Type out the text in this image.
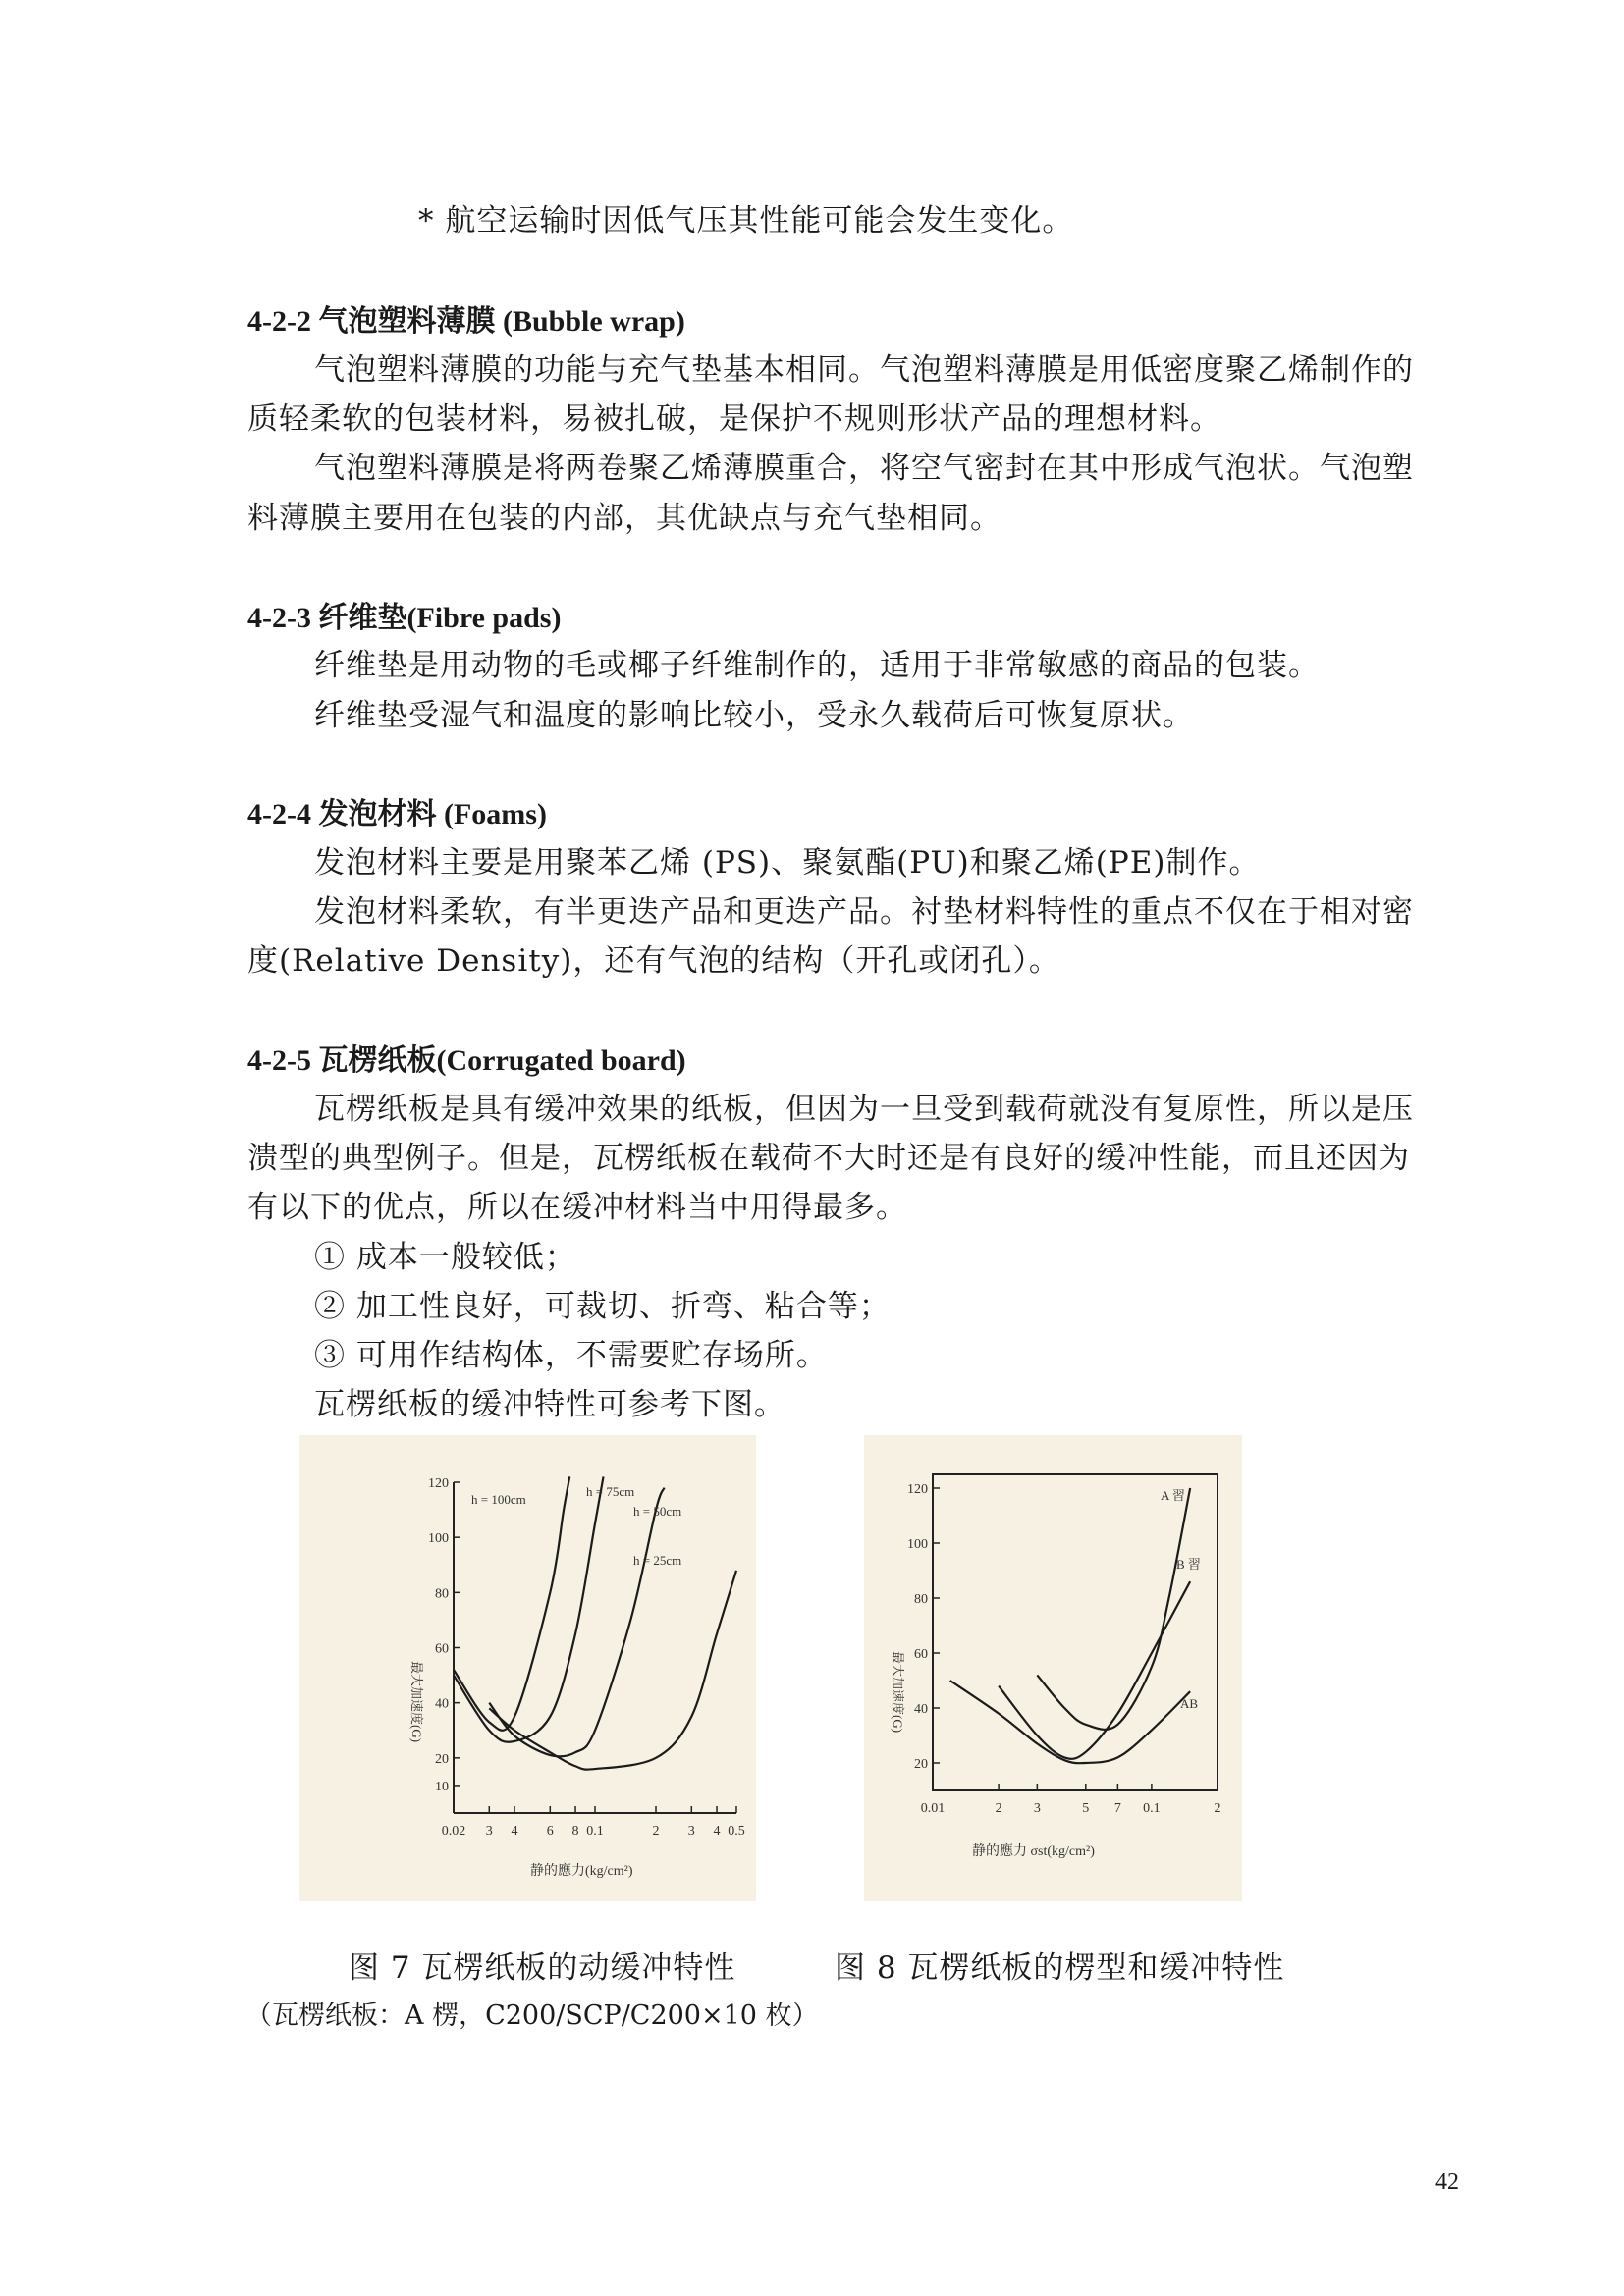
* 航空运输时因低气压其性能可能会发生变化。
4-2-2 气泡塑料薄膜 (Bubble wrap)
气泡塑料薄膜的功能与充气垫基本相同。气泡塑料薄膜是用低密度聚乙烯制作的
质轻柔软的包装材料，易被扎破，是保护不规则形状产品的理想材料。
气泡塑料薄膜是将两卷聚乙烯薄膜重合，将空气密封在其中形成气泡状。气泡塑
料薄膜主要用在包装的内部，其优缺点与充气垫相同。
4-2-3 纤维垫(Fibre pads)
纤维垫是用动物的毛或椰子纤维制作的，适用于非常敏感的商品的包装。
纤维垫受湿气和温度的影响比较小，受永久载荷后可恢复原状。
4-2-4 发泡材料 (Foams)
发泡材料主要是用聚苯乙烯 (PS)、聚氨酯(PU)和聚乙烯(PE)制作。
发泡材料柔软，有半更迭产品和更迭产品。衬垫材料特性的重点不仅在于相对密
度(Relative Density)，还有气泡的结构（开孔或闭孔）。
4-2-5 瓦楞纸板(Corrugated board)
瓦楞纸板是具有缓冲效果的纸板，但因为一旦受到载荷就没有复原性，所以是压
溃型的典型例子。但是，瓦楞纸板在载荷不大时还是有良好的缓冲性能，而且还因为
有以下的优点，所以在缓冲材料当中用得最多。
① 成本一般较低；
② 加工性良好，可裁切、折弯、粘合等；
③ 可用作结构体，不需要贮存场所。
瓦楞纸板的缓冲特性可参考下图。
120
100
80
60
40
20
10
0.02 3 4 6 8 0.1	2 3 4 0.5
h = 100cm
h = 75cm
h = 50cm
h = 25cm
最大加速度(G)
静的應力(kg/cm²)
120
100
80
60
40
20
0.01	2 3	5 7 0.1	2
A 習
B 習
AB
最大加速度(G)
静的應力 σst(kg/cm²)
图 7 瓦楞纸板的动缓冲特性	图 8 瓦楞纸板的楞型和缓冲特性
（瓦楞纸板：A 楞，C200/SCP/C200×10 枚）
42
